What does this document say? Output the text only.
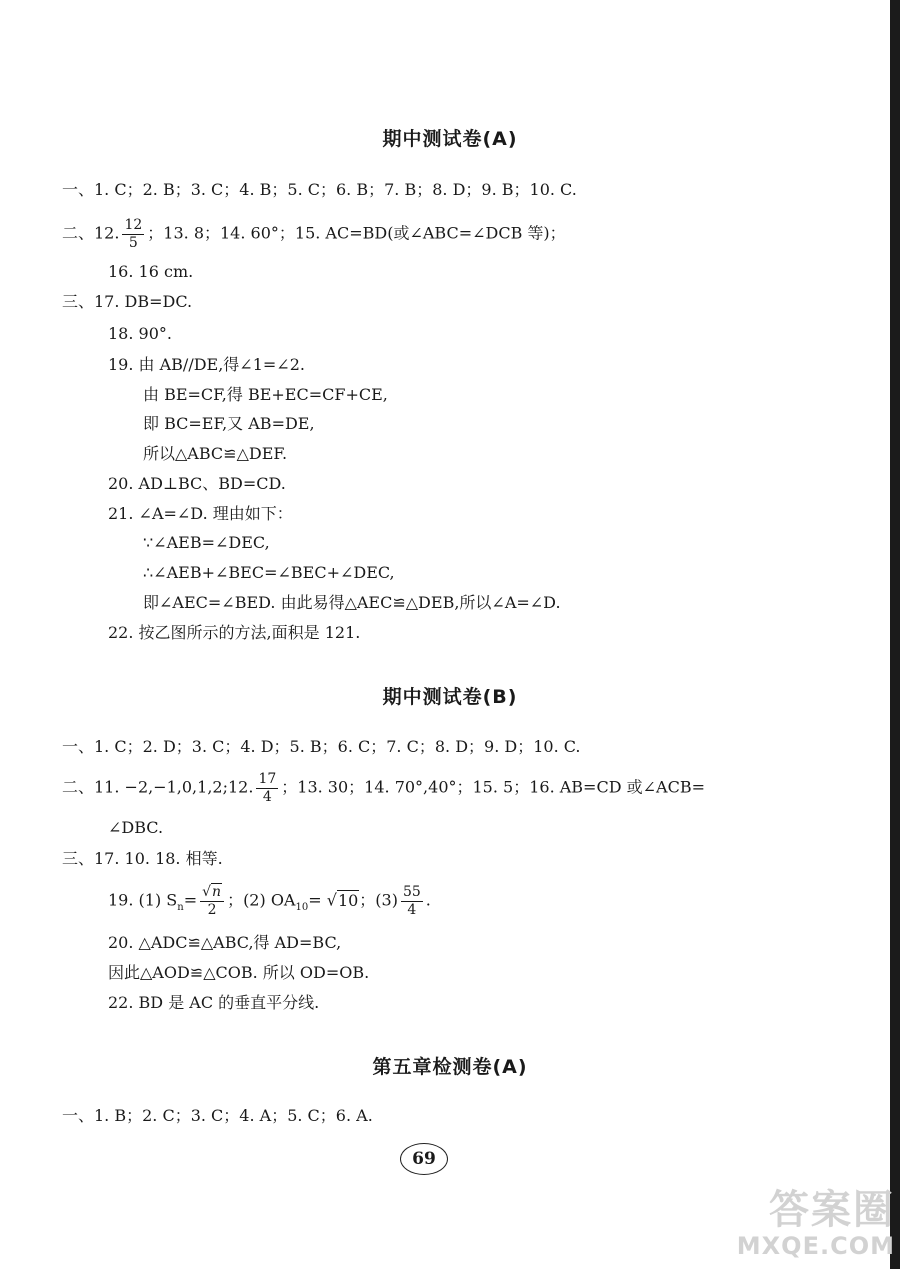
期中测试卷(A)
一、1. C；2. B；3. C；4. B；5. C；6. B；7. B；8. D；9. B；10. C.
二、12. $\frac{12}{5}$ ；13. 8；14. 60°；15. AC=BD(或∠ABC=∠DCB 等)；
16. 16 cm.
三、17. DB=DC.
18. 90°.
19. 由 AB//DE,得∠1=∠2.
由 BE=CF,得 BE+EC=CF+CE,
即 BC=EF,又 AB=DE,
所以△ABC≌△DEF.
20. AD⊥BC、BD=CD.
21. ∠A=∠D. 理由如下：
∵∠AEB=∠DEC,
∴∠AEB+∠BEC=∠BEC+∠DEC,
即∠AEC=∠BED. 由此易得△AEC≌△DEB,所以∠A=∠D.
22. 按乙图所示的方法,面积是 121.
期中测试卷(B)
一、1. C；2. D；3. C；4. D；5. B；6. C；7. C；8. D；9. D；10. C.
二、11. −2,−1,0,1,2;12. $\frac{17}{4}$ ；13. 30；14. 70°,40°；15. 5；16. AB=CD 或∠ACB=
∠DBC.
三、17. 10. 18. 相等.
19. (1) $S_n= \frac{√n}{2}$ ；(2) $OA_{10}= √10$；$(3) \frac{55}{4}$ .
20. △ADC≌△ABC,得 AD=BC,
因此△AOD≌△COB. 所以 OD=OB.
22. BD 是 AC 的垂直平分线.
第五章检测卷(A)
一、1. B；2. C；3. C；4. A；5. C；6. A.
69
答案圈
MXQE.COM
